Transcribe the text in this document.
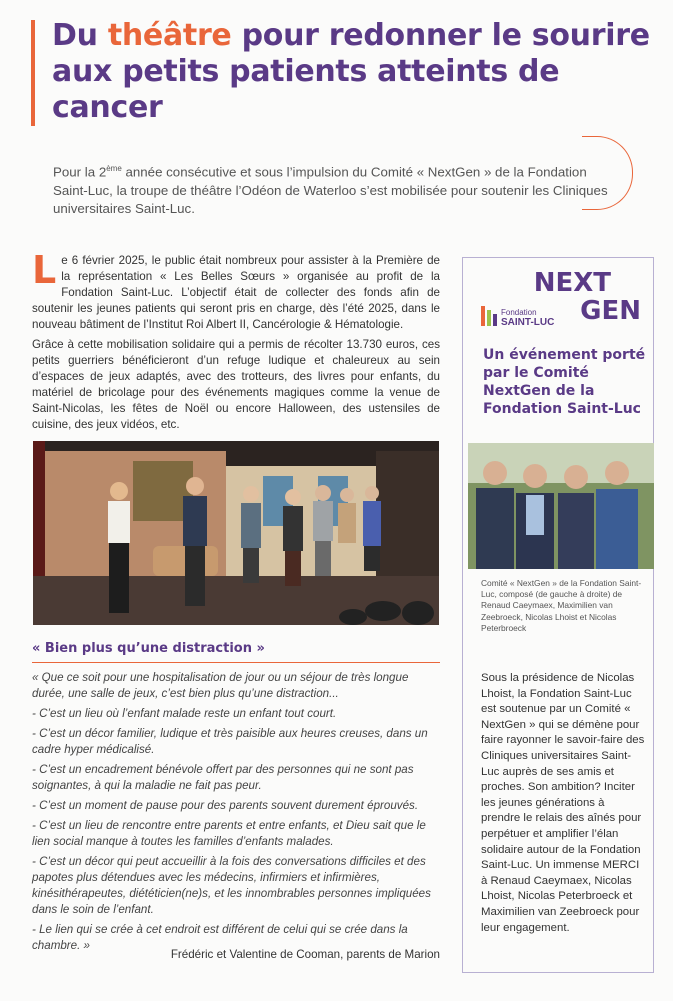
Du théâtre pour redonner le sourire aux petits patients atteints de cancer

Pour la 2ème année consécutive et sous l’impulsion du Comité « NextGen » de la Fondation Saint-Luc, la troupe de théâtre l’Odéon de Waterloo s’est mobilisée pour soutenir les Cliniques universitaires Saint-Luc.

Le 6 février 2025, le public était nombreux pour assister à la Première de la représentation « Les Belles Sœurs » organisée au profit de la Fondation Saint-Luc. L’objectif était de collecter des fonds afin de soutenir les jeunes patients qui seront pris en charge, dès l’été 2025, dans le nouveau bâtiment de l’Institut Roi Albert II, Cancérologie & Hématologie.

Grâce à cette mobilisation solidaire qui a permis de récolter 13.730 euros, ces petits guerriers bénéficieront d’un refuge ludique et chaleureux au sein d’espaces de jeux adaptés, avec des trotteurs, des livres pour enfants, du matériel de bricolage pour des événements magiques comme la venue de Saint-Nicolas, les fêtes de Noël ou encore Halloween, des ustensiles de cuisine, des jeux vidéos, etc.

« Bien plus qu’une distraction »
« Que ce soit pour une hospitalisation de jour ou un séjour de très longue durée, une salle de jeux, c’est bien plus qu’une distraction...
- C’est un lieu où l’enfant malade reste un enfant tout court.
- C’est un décor familier, ludique et très paisible aux heures creuses, dans un cadre hyper médicalisé.
- C’est un encadrement bénévole offert par des personnes qui ne sont pas soignantes, à qui la maladie ne fait pas peur.
- C’est un moment de pause pour des parents souvent durement éprouvés.
- C’est un lieu de rencontre entre parents et entre enfants, et Dieu sait que le lien social manque à toutes les familles d’enfants malades.
- C’est un décor qui peut accueillir à la fois des conversations difficiles et des papotes plus détendues avec les médecins, infirmiers et infirmières, kinésithérapeutes, diététicien(ne)s, et les innombrables personnes impliquées dans le soin de l’enfant.
- Le lien qui se crée à cet endroit est différent de celui qui se crée dans la chambre. »
Frédéric et Valentine de Cooman, parents de Marion
NEXT
GEN
Fondation
SAINT-LUC
Un événement porté par le Comité NextGen de la Fondation Saint-Luc
Comité « NextGen » de la Fondation Saint-Luc, composé (de gauche à droite) de Renaud Caeymaex, Maximilien van Zeebroeck, Nicolas Lhoist et Nicolas Peterbroeck
Sous la présidence de Nicolas Lhoist, la Fondation Saint-Luc est soutenue par un Comité « NextGen » qui se démène pour faire rayonner le savoir-faire des Cliniques universitaires Saint-Luc auprès de ses amis et proches. Son ambition? Inciter les jeunes générations à prendre le relais des aînés pour perpétuer et amplifier l’élan solidaire autour de la Fondation Saint-Luc. Un immense MERCI à Renaud Caeymaex, Nicolas Lhoist, Nicolas Peterbroeck et Maximilien van Zeebroeck pour leur engagement.
